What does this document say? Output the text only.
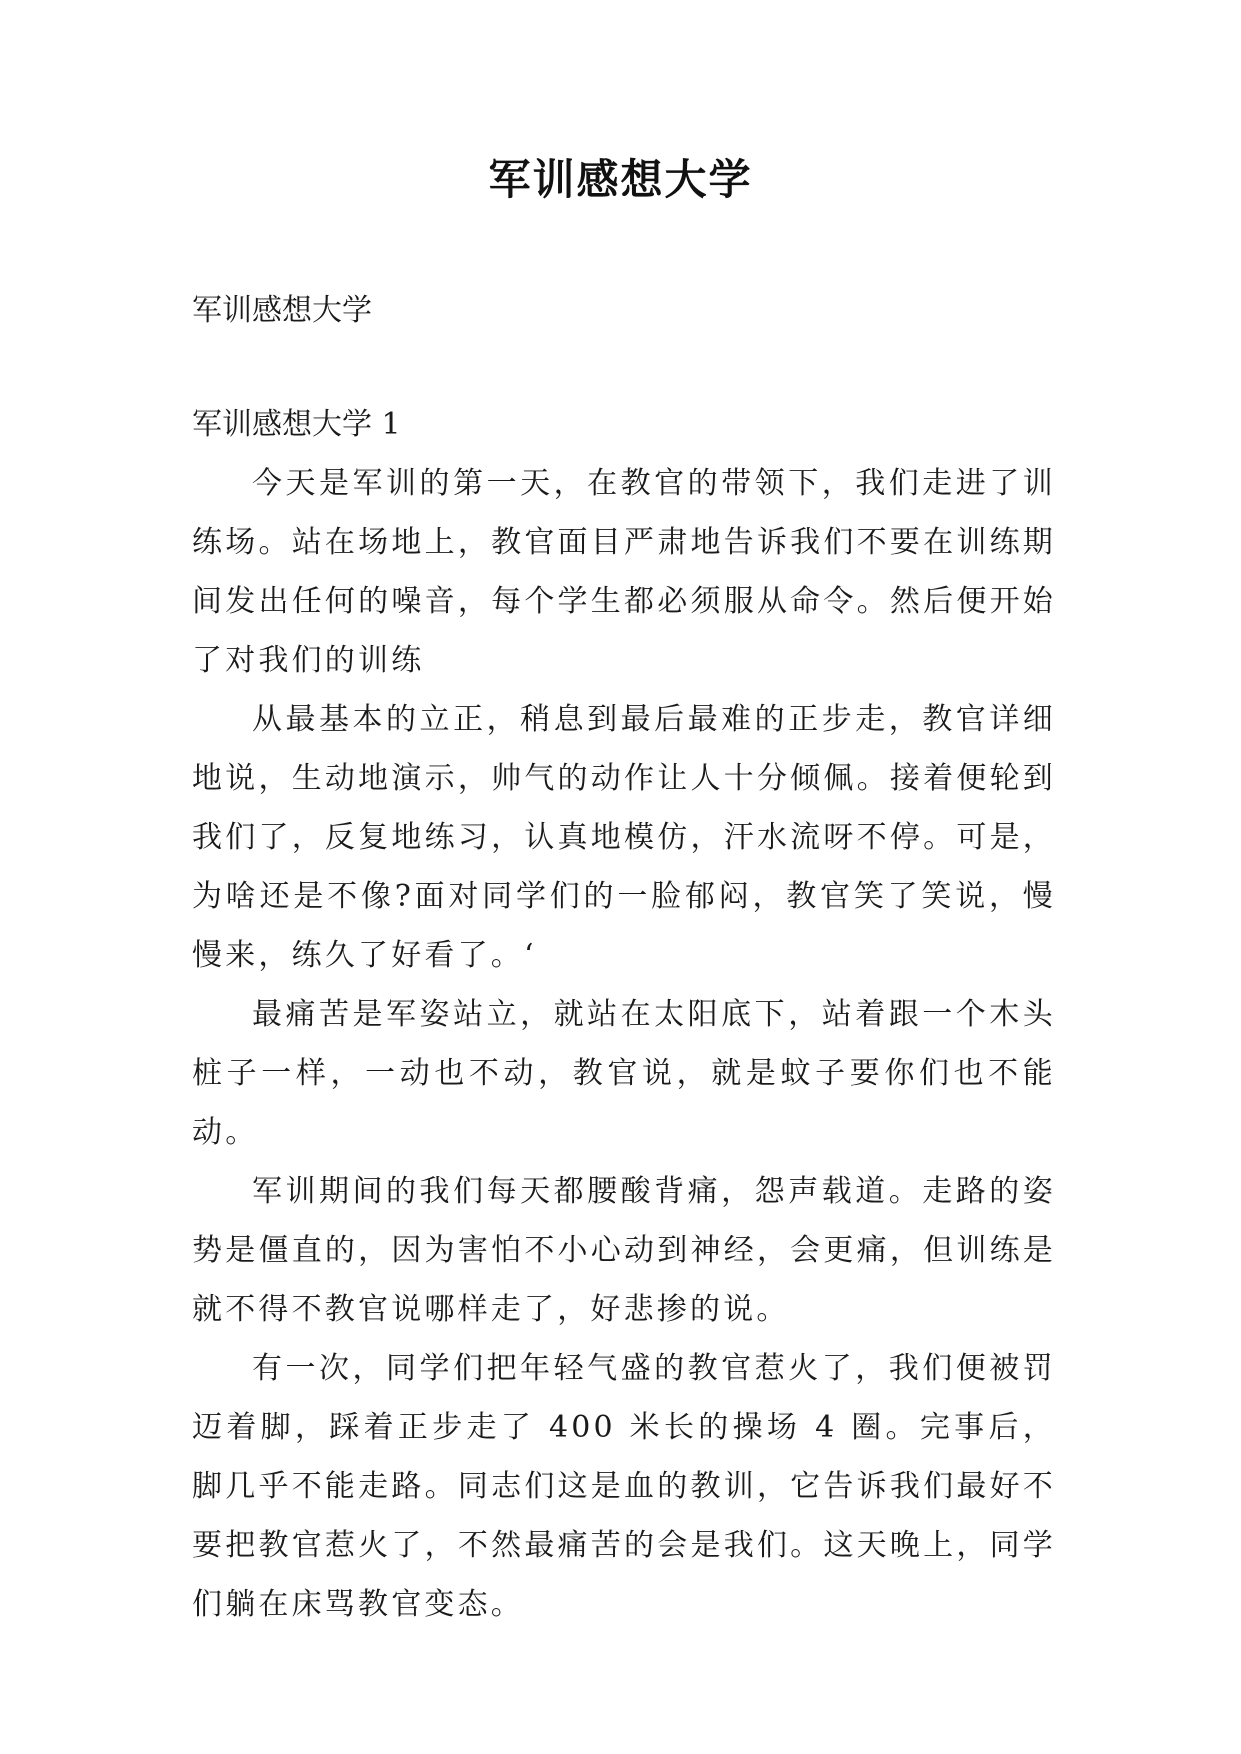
军训感想大学

军训感想大学

军训感想大学 1

今天是军训的第一天，在教官的带领下，我们走进了训练场。站在场地上，教官面目严肃地告诉我们不要在训练期间发出任何的噪音，每个学生都必须服从命令。然后便开始了对我们的训练

从最基本的立正，稍息到最后最难的正步走，教官详细地说，生动地演示，帅气的动作让人十分倾佩。接着便轮到我们了，反复地练习，认真地模仿，汗水流呀不停。可是，为啥还是不像?面对同学们的一脸郁闷，教官笑了笑说，慢慢来，练久了好看了。‘

最痛苦是军姿站立，就站在太阳底下，站着跟一个木头桩子一样，一动也不动，教官说，就是蚊子要你们也不能动。

军训期间的我们每天都腰酸背痛，怨声载道。走路的姿势是僵直的，因为害怕不小心动到神经，会更痛，但训练是就不得不教官说哪样走了，好悲掺的说。

有一次，同学们把年轻气盛的教官惹火了，我们便被罚迈着脚，踩着正步走了 400 米长的操场 4 圈。完事后，脚几乎不能走路。同志们这是血的教训，它告诉我们最好不要把教官惹火了，不然最痛苦的会是我们。这天晚上，同学们躺在床骂教官变态。
